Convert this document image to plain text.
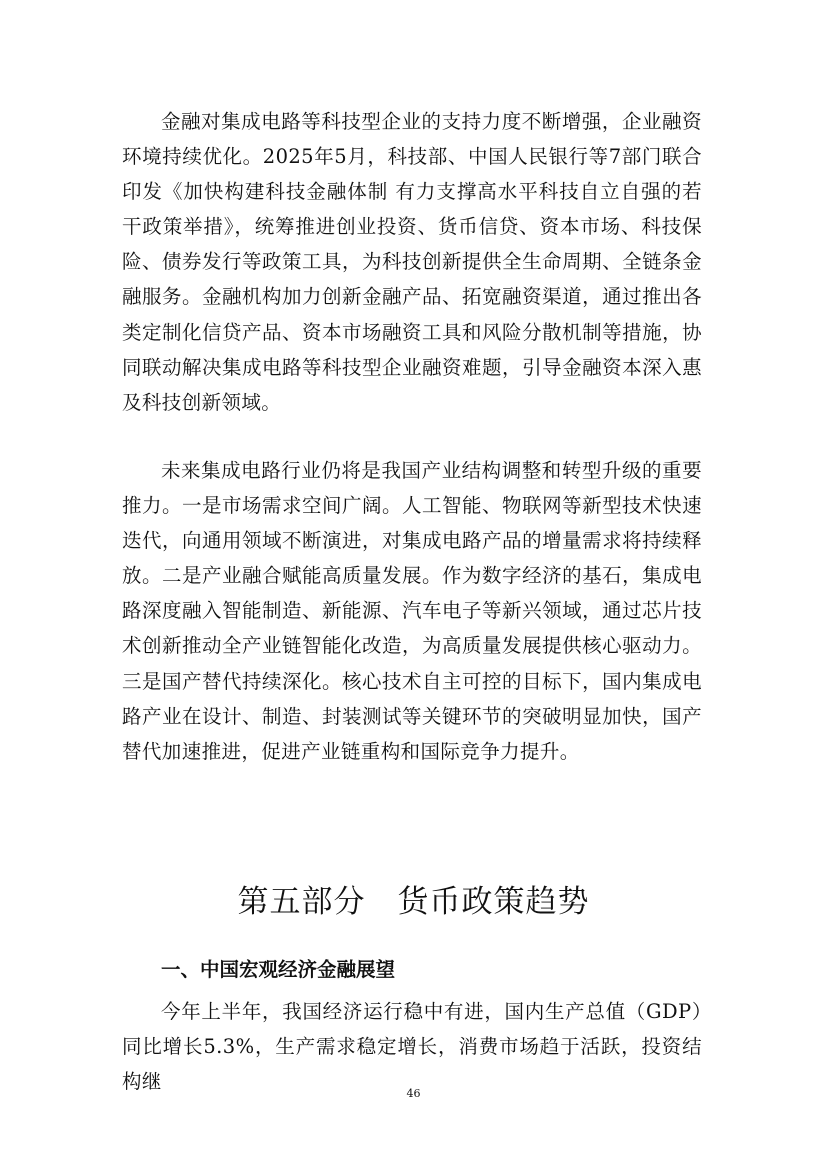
金融对集成电路等科技型企业的支持力度不断增强，企业融资环境持续优化。2025年5月，科技部、中国人民银行等7部门联合印发《加快构建科技金融体制 有力支撑高水平科技自立自强的若干政策举措》，统筹推进创业投资、货币信贷、资本市场、科技保险、债券发行等政策工具，为科技创新提供全生命周期、全链条金融服务。金融机构加力创新金融产品、拓宽融资渠道，通过推出各类定制化信贷产品、资本市场融资工具和风险分散机制等措施，协同联动解决集成电路等科技型企业融资难题，引导金融资本深入惠及科技创新领域。

未来集成电路行业仍将是我国产业结构调整和转型升级的重要推力。一是市场需求空间广阔。人工智能、物联网等新型技术快速迭代，向通用领域不断演进，对集成电路产品的增量需求将持续释放。二是产业融合赋能高质量发展。作为数字经济的基石，集成电路深度融入智能制造、新能源、汽车电子等新兴领域，通过芯片技术创新推动全产业链智能化改造，为高质量发展提供核心驱动力。三是国产替代持续深化。核心技术自主可控的目标下，国内集成电路产业在设计、制造、封装测试等关键环节的突破明显加快，国产替代加速推进，促进产业链重构和国际竞争力提升。

第五部分　货币政策趋势
一、中国宏观经济金融展望

今年上半年，我国经济运行稳中有进，国内生产总值（GDP）同比增长5.3%，生产需求稳定增长，消费市场趋于活跃，投资结构继

46
